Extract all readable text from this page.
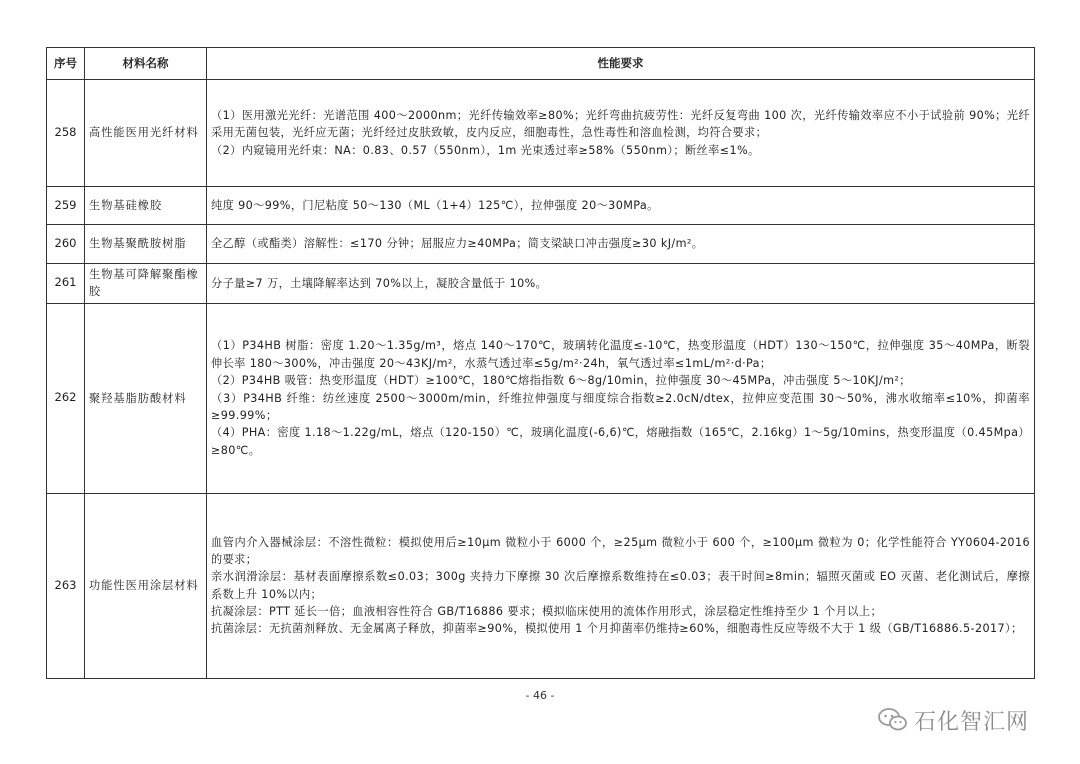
序号	材料名称	性能要求
258	高性能医用光纤材料	（1）医用激光光纤：光谱范围 400～2000nm；光纤传输效率≥80%；光纤弯曲抗疲劳性：光纤反复弯曲 100 次，光纤传输效率应不小于试验前 90%；光纤采用无菌包装，光纤应无菌；光纤经过皮肤致敏，皮内反应，细胞毒性，急性毒性和溶血检测，均符合要求；

（2）内窥镜用光纤束：NA：0.83、0.57（550nm），1m 光束透过率≥58%（550nm）；断丝率≤1%。

259	生物基硅橡胶	纯度 90～99%，门尼粘度 50～130（ML（1+4）125℃），拉伸强度 20～30MPa。

260	生物基聚酰胺树脂	全乙醇（或酯类）溶解性：≤170 分钟；屈服应力≥40MPa；简支梁缺口冲击强度≥30 kJ/m²。

261	生物基可降解聚酯橡胶	分子量≥7 万，土壤降解率达到 70%以上，凝胶含量低于 10%。

262	聚羟基脂肪酸材料	（1）P34HB 树脂：密度 1.20～1.35g/m³，熔点 140～170℃，玻璃转化温度≤-10℃，热变形温度（HDT）130～150℃，拉伸强度 35～40MPa，断裂伸长率 180～300%，冲击强度 20～43KJ/m²，水蒸气透过率≤5g/m²·24h，氧气透过率≤1mL/m²·d·Pa；

（2）P34HB 吸管：热变形温度（HDT）≥100℃，180℃熔指指数 6～8g/10min，拉伸强度 30～45MPa，冲击强度 5～10KJ/m²；

（3）P34HB 纤维：纺丝速度 2500～3000m/min，纤维拉伸强度与细度综合指数≥2.0cN/dtex，拉伸应变范围 30～50%，沸水收缩率≤10%，抑菌率≥99.99%；

（4）PHA：密度 1.18～1.22g/mL，熔点（120-150）℃，玻璃化温度(-6,6)℃，熔融指数（165℃，2.16kg）1～5g/10mins，热变形温度（0.45Mpa）≥80℃。

263	功能性医用涂层材料	血管内介入器械涂层：不溶性微粒：模拟使用后≥10μm 微粒小于 6000 个，≥25μm 微粒小于 600 个，≥100μm 微粒为 0；化学性能符合 YY0604-2016 的要求；

亲水润滑涂层：基材表面摩擦系数≤0.03；300g 夹持力下摩擦 30 次后摩擦系数维持在≤0.03；表干时间≥8min；辐照灭菌或 EO 灭菌、老化测试后，摩擦系数上升 10%以内；

抗凝涂层：PTT 延长一倍；血液相容性符合 GB/T16886 要求；模拟临床使用的流体作用形式，涂层稳定性维持至少 1 个月以上；

抗菌涂层：无抗菌剂释放、无金属离子释放，抑菌率≥90%，模拟使用 1 个月抑菌率仍维持≥60%，细胞毒性反应等级不大于 1 级（GB/T16886.5-2017）；

- 46 -
石化智汇网
